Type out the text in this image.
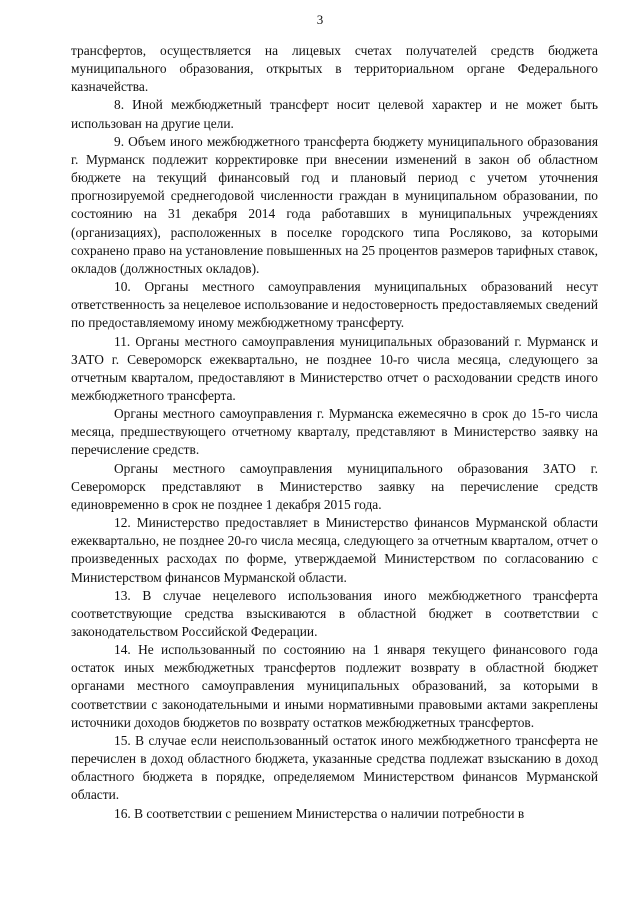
3

трансфертов, осуществляется на лицевых счетах получателей средств бюджета муниципального образования, открытых в территориальном органе Федерального казначейства.

8. Иной межбюджетный трансферт носит целевой характер и не может быть использован на другие цели.

9. Объем иного межбюджетного трансферта бюджету муниципального образования г. Мурманск подлежит корректировке при внесении изменений в закон об областном бюджете на текущий финансовый год и плановый период с учетом уточнения прогнозируемой среднегодовой численности граждан в муниципальном образовании, по состоянию на 31 декабря 2014 года работавших в муниципальных учреждениях (организациях), расположенных в поселке городского типа Росляково, за которыми сохранено право на установление повышенных на 25 процентов размеров тарифных ставок, окладов (должностных окладов).

10. Органы местного самоуправления муниципальных образований несут ответственность за нецелевое использование и недостоверность предоставляемых сведений по предоставляемому иному межбюджетному трансферту.

11. Органы местного самоуправления муниципальных образований г. Мурманск и ЗАТО г. Североморск ежеквартально, не позднее 10-го числа месяца, следующего за отчетным кварталом, предоставляют в Министерство отчет о расходовании средств иного межбюджетного трансферта.

Органы местного самоуправления г. Мурманска ежемесячно в срок до 15-го числа месяца, предшествующего отчетному кварталу, представляют в Министерство заявку на перечисление средств.

Органы местного самоуправления муниципального образования ЗАТО г. Североморск представляют в Министерство заявку на перечисление средств единовременно в срок не позднее 1 декабря 2015 года.

12. Министерство предоставляет в Министерство финансов Мурманской области ежеквартально, не позднее 20-го числа месяца, следующего за отчетным кварталом, отчет о произведенных расходах по форме, утверждаемой Министерством по согласованию с Министерством финансов Мурманской области.

13. В случае нецелевого использования иного межбюджетного трансферта соответствующие средства взыскиваются в областной бюджет в соответствии с законодательством Российской Федерации.

14. Не использованный по состоянию на 1 января текущего финансового года остаток иных межбюджетных трансфертов подлежит возврату в областной бюджет органами местного самоуправления муниципальных образований, за которыми в соответствии с законодательными и иными нормативными правовыми актами закреплены источники доходов бюджетов по возврату остатков межбюджетных трансфертов.

15. В случае если неиспользованный остаток иного межбюджетного трансферта не перечислен в доход областного бюджета, указанные средства подлежат взысканию в доход областного бюджета в порядке, определяемом Министерством финансов Мурманской области.

16. В соответствии с решением Министерства о наличии потребности в
